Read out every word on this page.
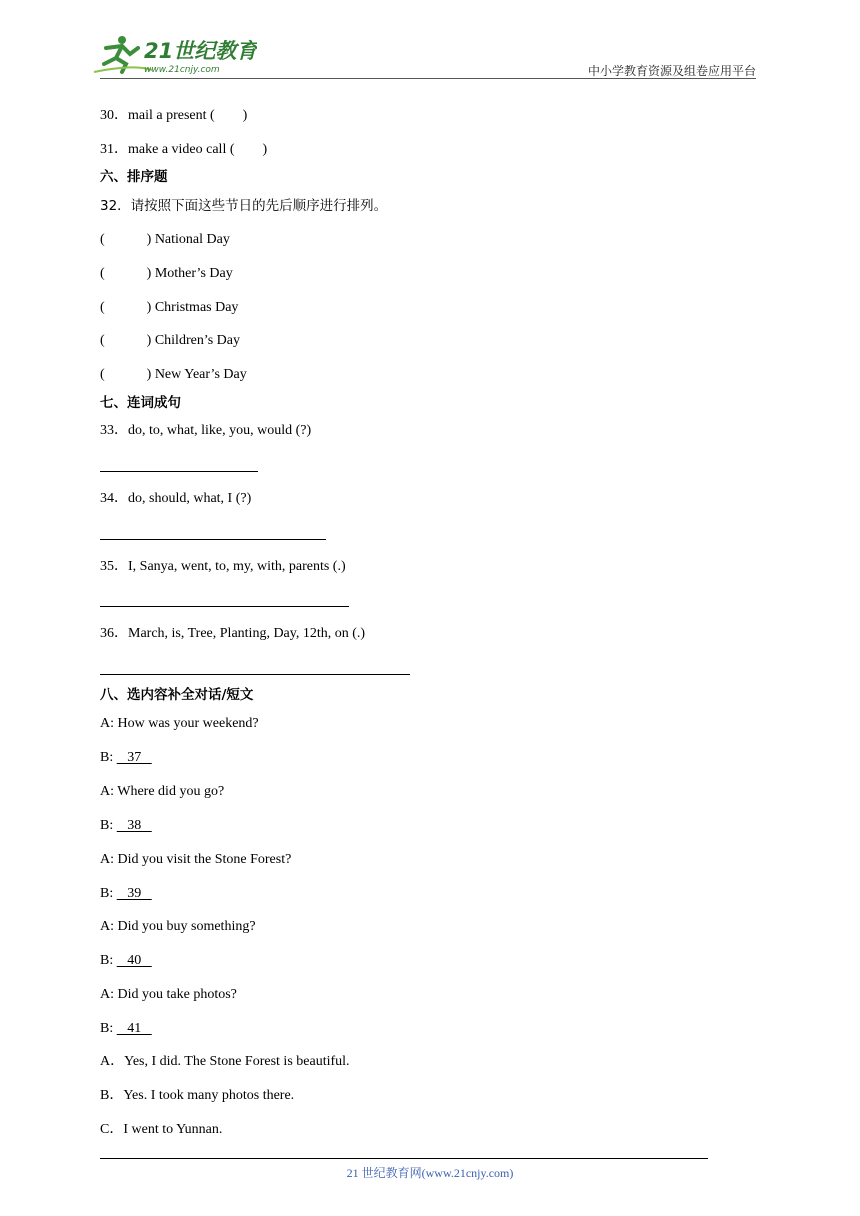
21世纪教育
www.21cnjy.com	中小学教育资源及组卷应用平台
30．mail a present (　　)
31．make a video call (　　)
六、排序题
32．请按照下面这些节日的先后顺序进行排列。
(　　　) National Day
(　　　) Mother’s Day
(　　　) Christmas Day
(　　　) Children’s Day
(　　　) New Year’s Day
七、连词成句
33．do, to, what, like, you, would (?)
34．do, should, what, I (?)
35．I, Sanya, went, to, my, with, parents (.)
36．March, is, Tree, Planting, Day, 12th, on (.)
八、选内容补全对话/短文
A: How was your weekend?
B:    37
A: Where did you go?
B:    38
A: Did you visit the Stone Forest?
B:    39
A: Did you buy something?
B:    40
A: Did you take photos?
B:    41
A．Yes, I did. The Stone Forest is beautiful.
B．Yes. I took many photos there.
C．I went to Yunnan.
21 世纪教育网(www.21cnjy.com)
